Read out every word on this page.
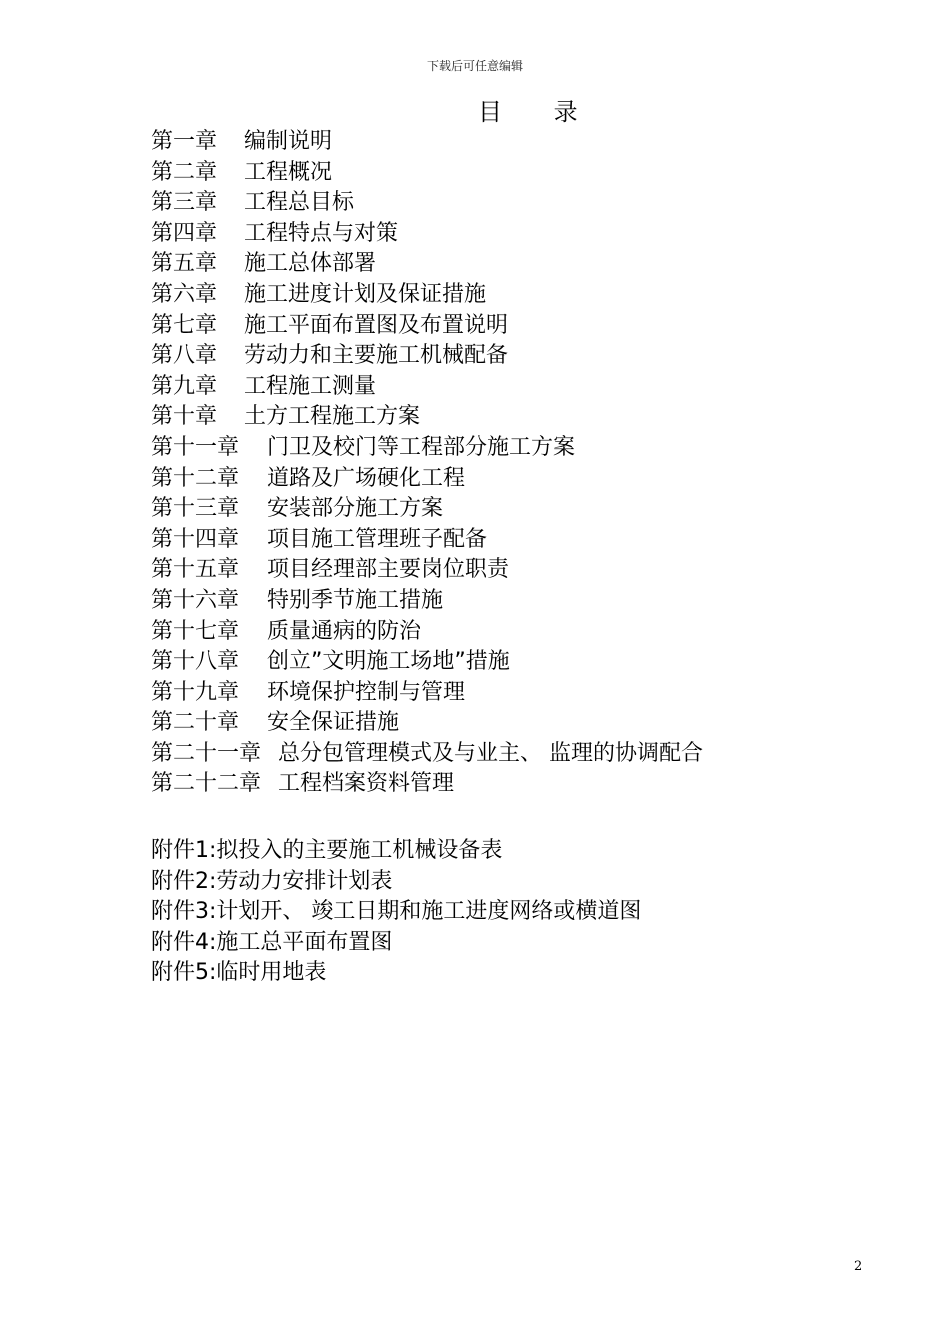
下载后可任意编辑
目 录
第一章 编制说明
第二章 工程概况
第三章 工程总目标
第四章 工程特点与对策
第五章 施工总体部署
第六章 施工进度计划及保证措施
第七章 施工平面布置图及布置说明
第八章 劳动力和主要施工机械配备
第九章 工程施工测量
第十章 土方工程施工方案
第十一章 门卫及校门等工程部分施工方案
第十二章 道路及广场硬化工程
第十三章 安装部分施工方案
第十四章 项目施工管理班子配备
第十五章 项目经理部主要岗位职责
第十六章 特别季节施工措施
第十七章 质量通病的防治
第十八章 创立”文明施工场地”措施
第十九章 环境保护控制与管理
第二十章 安全保证措施
第二十一章 总分包管理模式及与业主、 监理的协调配合
第二十二章 工程档案资料管理
附件1:拟投入的主要施工机械设备表
附件2:劳动力安排计划表
附件3:计划开、 竣工日期和施工进度网络或横道图
附件4:施工总平面布置图
附件5:临时用地表
2
